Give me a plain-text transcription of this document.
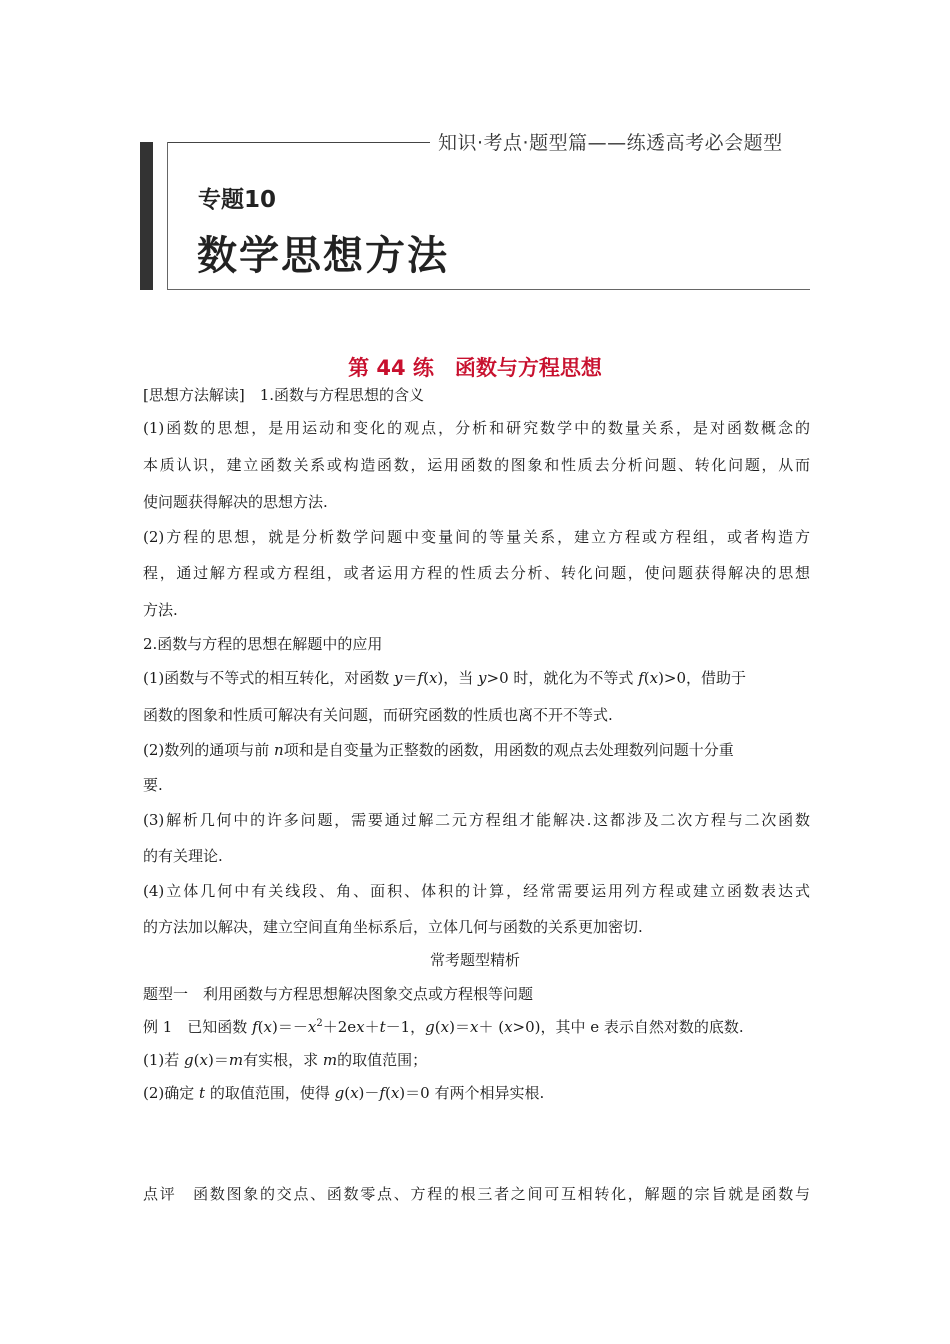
知识·考点·题型篇——练透高考必会题型
专题10
数学思想方法
第 44 练　函数与方程思想
[思想方法解读]　1.函数与方程思想的含义
(1)函数的思想，是用运动和变化的观点，分析和研究数学中的数量关系，是对函数概念的
本质认识，建立函数关系或构造函数，运用函数的图象和性质去分析问题、转化问题，从而
使问题获得解决的思想方法.
(2)方程的思想，就是分析数学问题中变量间的等量关系，建立方程或方程组，或者构造方
程，通过解方程或方程组，或者运用方程的性质去分析、转化问题，使问题获得解决的思想
方法.
2.函数与方程的思想在解题中的应用
(1)函数与不等式的相互转化，对函数 y＝f(x)，当 y>0 时，就化为不等式 f(x)>0，借助于
函数的图象和性质可解决有关问题，而研究函数的性质也离不开不等式.
(2)数列的通项与前 n项和是自变量为正整数的函数，用函数的观点去处理数列问题十分重
要.
(3)解析几何中的许多问题，需要通过解二元方程组才能解决.这都涉及二次方程与二次函数
的有关理论.
(4)立体几何中有关线段、角、面积、体积的计算，经常需要运用列方程或建立函数表达式
的方法加以解决，建立空间直角坐标系后，立体几何与函数的关系更加密切.
常考题型精析
题型一　利用函数与方程思想解决图象交点或方程根等问题
例 1　已知函数 $f(x)=-x^2+2ex+t-1$，g(x)＝x＋ (x>0)，其中 e 表示自然对数的底数.
(1)若 g(x)＝m有实根，求 m的取值范围；
(2)确定 t 的取值范围，使得 g(x)－f(x)＝0 有两个相异实根.
点评　函数图象的交点、函数零点、方程的根三者之间可互相转化，解题的宗旨就是函数与
